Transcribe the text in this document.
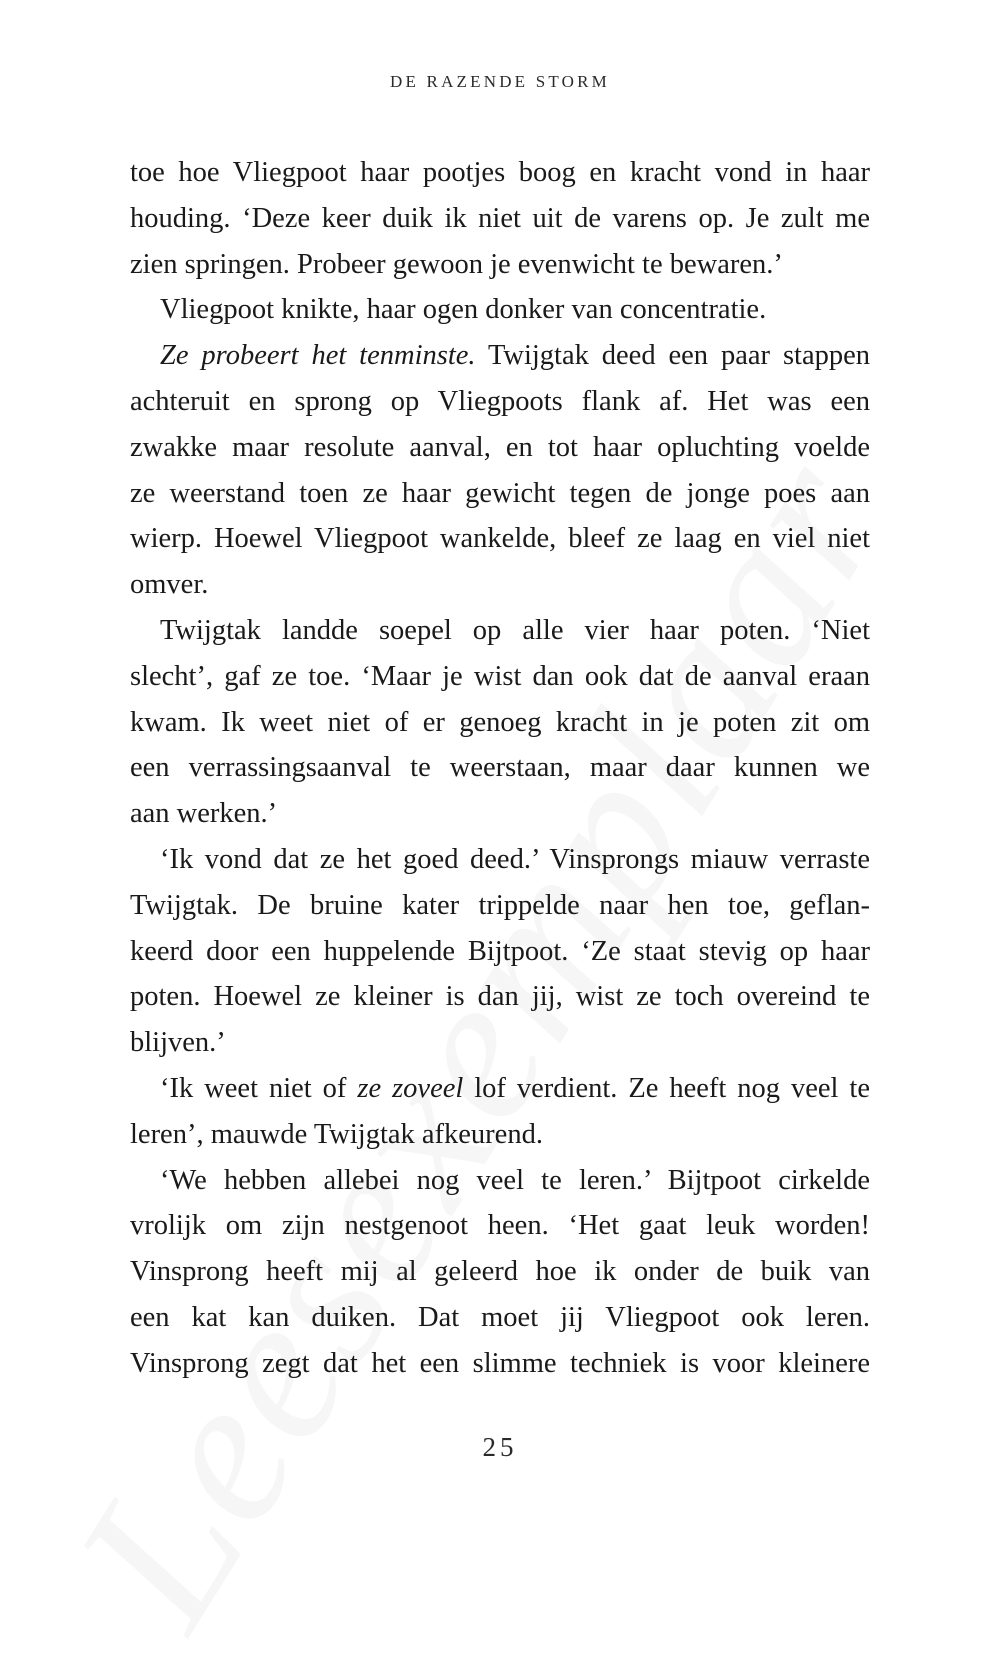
DE RAZENDE STORM
toe hoe Vliegpoot haar pootjes boog en kracht vond in haar
houding. ‘Deze keer duik ik niet uit de varens op. Je zult me
zien springen. Probeer gewoon je evenwicht te bewaren.’
Vliegpoot knikte, haar ogen donker van concentratie.
Ze probeert het tenminste. Twijgtak deed een paar stappen
achteruit en sprong op Vliegpoots flank af. Het was een
zwakke maar resolute aanval, en tot haar opluchting voelde
ze weerstand toen ze haar gewicht tegen de jonge poes aan
wierp. Hoewel Vliegpoot wankelde, bleef ze laag en viel niet
omver.
Twijgtak landde soepel op alle vier haar poten. ‘Niet
slecht’, gaf ze toe. ‘Maar je wist dan ook dat de aanval eraan
kwam. Ik weet niet of er genoeg kracht in je poten zit om
een verrassingsaanval te weerstaan, maar daar kunnen we
aan werken.’
‘Ik vond dat ze het goed deed.’ Vinsprongs miauw verraste
Twijgtak. De bruine kater trippelde naar hen toe, geflan-
keerd door een huppelende Bijtpoot. ‘Ze staat stevig op haar
poten. Hoewel ze kleiner is dan jij, wist ze toch overeind te
blijven.’
‘Ik weet niet of ze zoveel lof verdient. Ze heeft nog veel te
leren’, mauwde Twijgtak afkeurend.
‘We hebben allebei nog veel te leren.’ Bijtpoot cirkelde
vrolijk om zijn nestgenoot heen. ‘Het gaat leuk worden!
Vinsprong heeft mij al geleerd hoe ik onder de buik van
een kat kan duiken. Dat moet jij Vliegpoot ook leren.
Vinsprong zegt dat het een slimme techniek is voor kleinere
25
